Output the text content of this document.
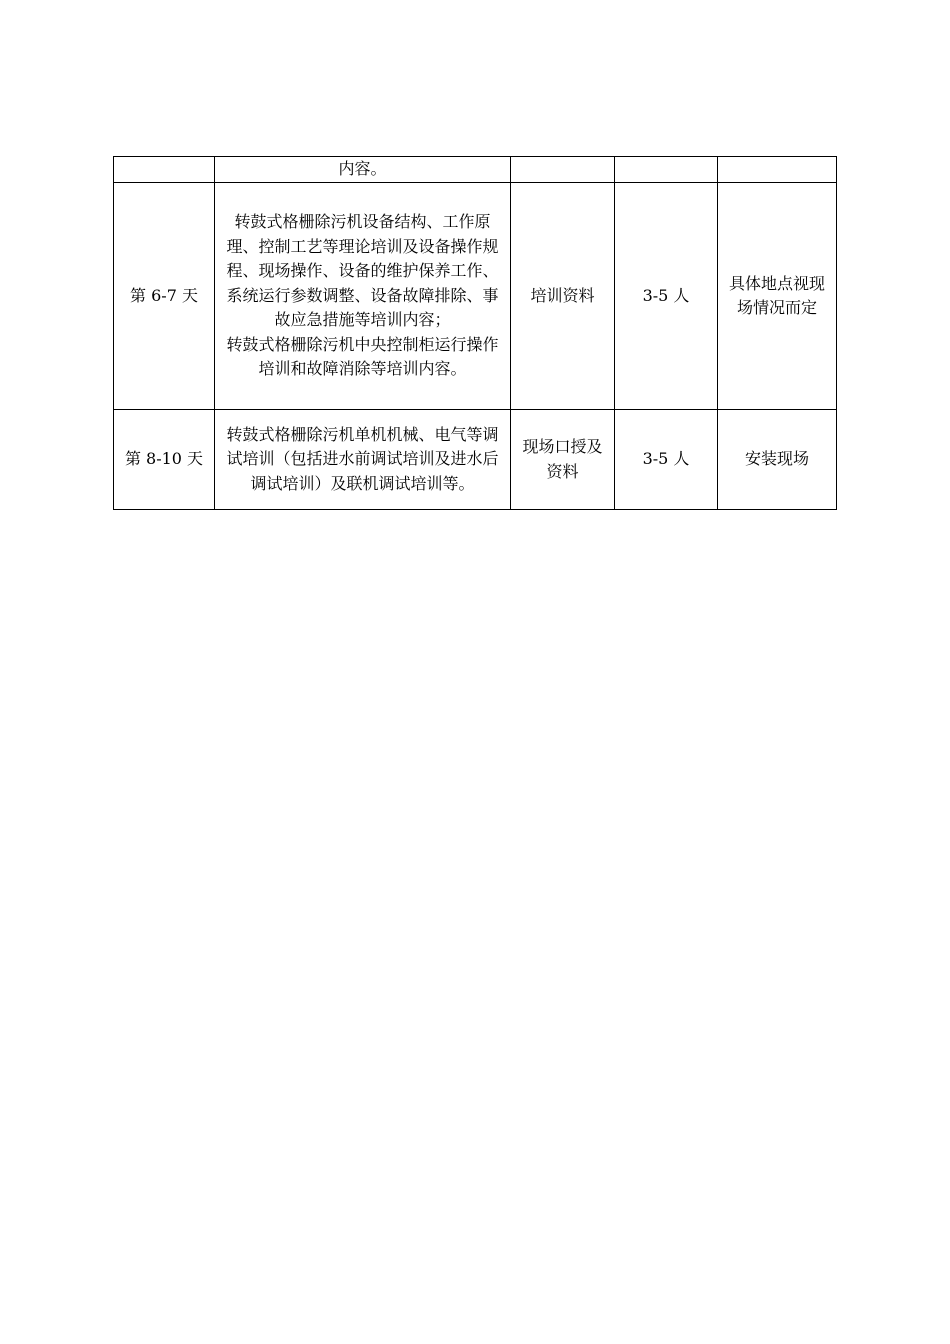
	内容。			

第 6-7 天	转鼓式格栅除污机设备结构、工作原理、控制工艺等理论培训及设备操作规程、现场操作、设备的维护保养工作、系统运行参数调整、设备故障排除、事故应急措施等培训内容；
转鼓式格栅除污机中央控制柜运行操作培训和故障消除等培训内容。	培训资料	3-5 人	具体地点视现场情况而定
第 8-10 天	转鼓式格栅除污机单机机械、电气等调试培训（包括进水前调试培训及进水后调试培训）及联机调试培训等。	现场口授及资料	3-5 人	安装现场
